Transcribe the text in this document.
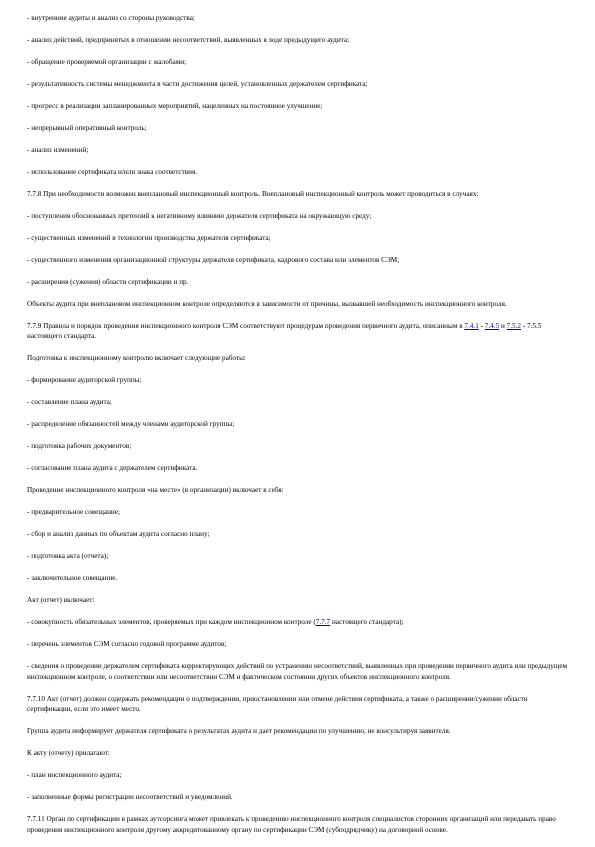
- внутренние аудиты и анализ со стороны руководства;

- анализ действий, предпринятых в отношении несоответствий, выявленных в ходе предыдущего аудита;

- обращение проверяемой организации с жалобами;

- результативность системы менеджмента в части достижения целей, установленных держателем сертификата;

- прогресс в реализации запланированных мероприятий, нацеленных на постоянное улучшение;

- непрерывный оперативный контроль;

- анализ изменений;

- использование сертификата и/или знака соответствия.

7.7.8 При необходимости возможен внеплановый инспекционный контроль. Внеплановый инспекционный контроль может проводиться в случаях:

- поступления обоснованных претензий к негативному влиянию держателя сертификата на окружающую среду;

- существенных изменений в технологии производства держателя сертификата;

- существенного изменения организационной структуры держателя сертификата, кадрового состава или элементов СЭМ;

- расширения (сужения) области сертификации и пр.

Объекты аудита при внеплановом инспекционном контроле определяются в зависимости от причины, вызвавшей необходимость инспекционного контроля.

7.7.9 Правила и порядок проведения инспекционного контроля СЭМ соответствуют процедурам проведения первичного аудита, описанным в 7.4.1 - 7.4.5 и 7.5.2 - 7.5.5 настоящего стандарта.

Подготовка к инспекционному контролю включает следующие работы:

- формирование аудиторской группы;

- составление плана аудита;

- распределение обязанностей между членами аудиторской группы;

- подготовка рабочих документов;

- согласование плана аудита с держателем сертификата.

Проведение инспекционного контроля «на месте» (в организации) включает в себя:

- предварительное совещание;

- сбор и анализ данных по объектам аудита согласно плану;

- подготовка акта (отчета);

- заключительное совещание.

Акт (отчет) включает:

- совокупность обязательных элементов, проверяемых при каждом инспекционном контроле (7.7.7 настоящего стандарта);

- перечень элементов СЭМ согласно годовой программе аудитов;

- сведения о проведении держателем сертификата корректирующих действий по устранению несоответствий, выявленных при проведении первичного аудита или предыдущем инспекционном контроле, о соответствии или несоответствии СЭМ и фактическом состоянии других объектов инспекционного контроля.

7.7.10 Акт (отчет) должен содержать рекомендации о подтверждении, приостановлении или отмене действия сертификата, а также о расширении/сужении области сертификации, если это имеет место.

Группа аудита информирует держателя сертификата о результатах аудита и дает рекомендации по улучшению, не консультируя заявителя.

К акту (отчету) прилагают:

- план инспекционного аудита;

- заполненные формы регистрации несоответствий и уведомлений.

7.7.11 Орган по сертификации в рамках аутсорсинга может привлекать к проведению инспекционного контроля специалистов сторонних организаций или передавать право проведения инспекционного контроля другому аккредитованному органу по сертификации СЭМ (субподрядчику) на договорной основе.
